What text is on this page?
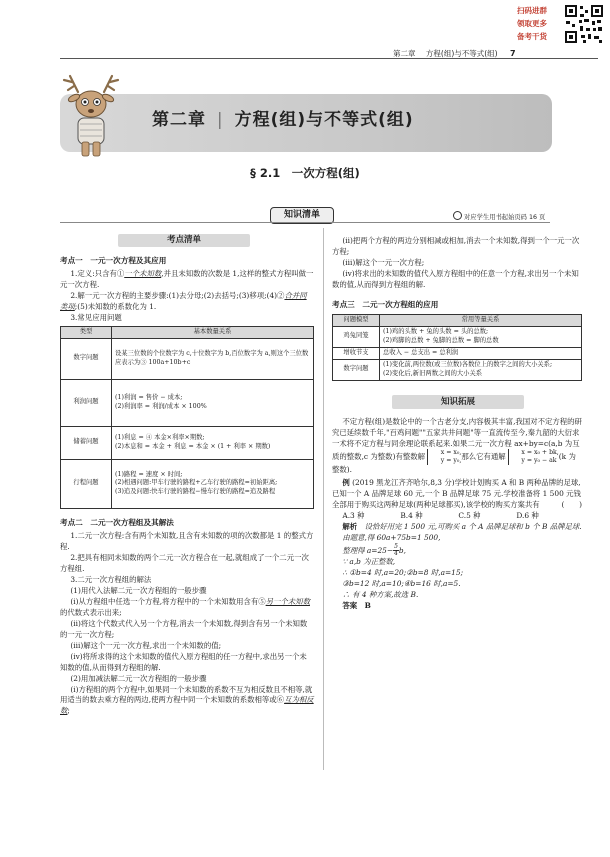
第二章 方程(组)与不等式(组) 7
扫码进群
领取更多
备考干货
第二章 | 方程(组)与不等式(组)
§ 2.1　一次方程(组)
知识清单	对应学生用书起始页码 16 页
考点清单
考点一　一元一次方程及其应用

1.定义:只含有①一个未知数,并且未知数的次数是 1,这样的整式方程叫做一元一次方程.

2.解一元一次方程的主要步骤:(1)去分母;(2)去括号;(3)移项;(4)②合并同类项;(5)未知数的系数化为 1.

3.常见应用问题

类型	基本数量关系
数字问题	设某三位数的个位数字为 c,十位数字为 b,百位数字为 a,则这个三位数应表示为③ 100a+10b+c

利润问题	(1)利润 = 售价 − 成本;
(2)利润率 = 利润/成本 × 100%

储蓄问题	(1)利息 = ④ 本金×利率×期数;
(2)本息和 = 本金 + 利息 = 本金 × (1 + 利率 × 期数)

行程问题	(1)路程 = 速度 × 时间;
(2)相遇问题:甲车行驶的路程+乙车行驶的路程=初始距离;
(3)追及问题:快车行驶的路程−慢车行驶的路程=追及路程
考点二　二元一次方程组及其解法

1.二元一次方程:含有两个未知数,且含有未知数的项的次数都是 1 的整式方程.

2.把具有相同未知数的两个二元一次方程合在一起,就组成了一个二元一次方程组.

3.二元一次方程组的解法

(1)用代入法解二元一次方程组的一般步骤

(ⅰ)从方程组中任选一个方程,将方程中的一个未知数用含有⑤另一个未知数的代数式表示出来;

(ⅱ)将这个代数式代入另一个方程,消去一个未知数,得到含有另一个未知数的一元一次方程;

(ⅲ)解这个一元一次方程,求出一个未知数的值;

(ⅳ)将所求得的这个未知数的值代入原方程组的任一方程中,求出另一个未知数的值,从而得到方程组的解.

(2)用加减法解二元一次方程组的一般步骤

(ⅰ)方程组的两个方程中,如果同一个未知数的系数不互为相反数且不相等,就用适当的数去乘方程的两边,使两方程中同一个未知数的系数相等或⑥互为相反数;

(ⅱ)把两个方程的两边分别相减或相加,消去一个未知数,得到一个一元一次方程;

(ⅲ)解这个一元一次方程;

(ⅳ)将求出的未知数的值代入原方程组中的任意一个方程,求出另一个未知数的值,从而得到方程组的解.

考点三　二元一次方程组的应用
问题模型	常用等量关系
鸡兔同笼	(1)鸡的头数 + 兔的头数 = 头的总数;
(2)鸡脚的总数 + 兔脚的总数 = 脚的总数

增收节支	总收入 − 总支出 = 总利润

数字问题	(1)变化前,两位数(或三位数)各数位上的数字之间的大小关系;
(2)变化后,新旧两数之间的大小关系
知识拓展

不定方程(组)是数论中的一个古老分支,内容极其丰富,我国对不定方程的研究已延续数千年,"百鸡问题""五家共井问题"等一直流传至今,秦九韶的大衍求一术将不定方程与同余理论联系起来.如果二元一次方程 ax+by=c(a,b 为互质的整数,c 为整数)有整数解	x = x₀,
y = y₀, 那么它有通解	x = x₀ + bk,
y = y₀ − ak (k 为整数).

例 (2019 黑龙江齐齐哈尔,8,3 分)学校计划购买 A 和 B 两种品牌的足球,已知一个 A 品牌足球 60 元,一个 B 品牌足球 75 元.学校准备将 1 500 元钱全部用于购买这两种足球(两种足球都买),该学校的购买方案共有	(　　)

A.3 种	B.4 种	C.5 种	D.6 种

解析　 设恰好用完 1 500 元,可购买 a 个 A 品牌足球和 b 个 B 品牌足球.

由题意,得 60a+75b=1 500,

整理得 $a=25- \frac{5}{4} b$,

∵ a,b 为正整数,

∴ ①b=4 时,a=20;②b=8 时,a=15;

③b=12 时,a=10;④b=16 时,a=5.

∴ 有 4 种方案,故选 B.

答案　 B
